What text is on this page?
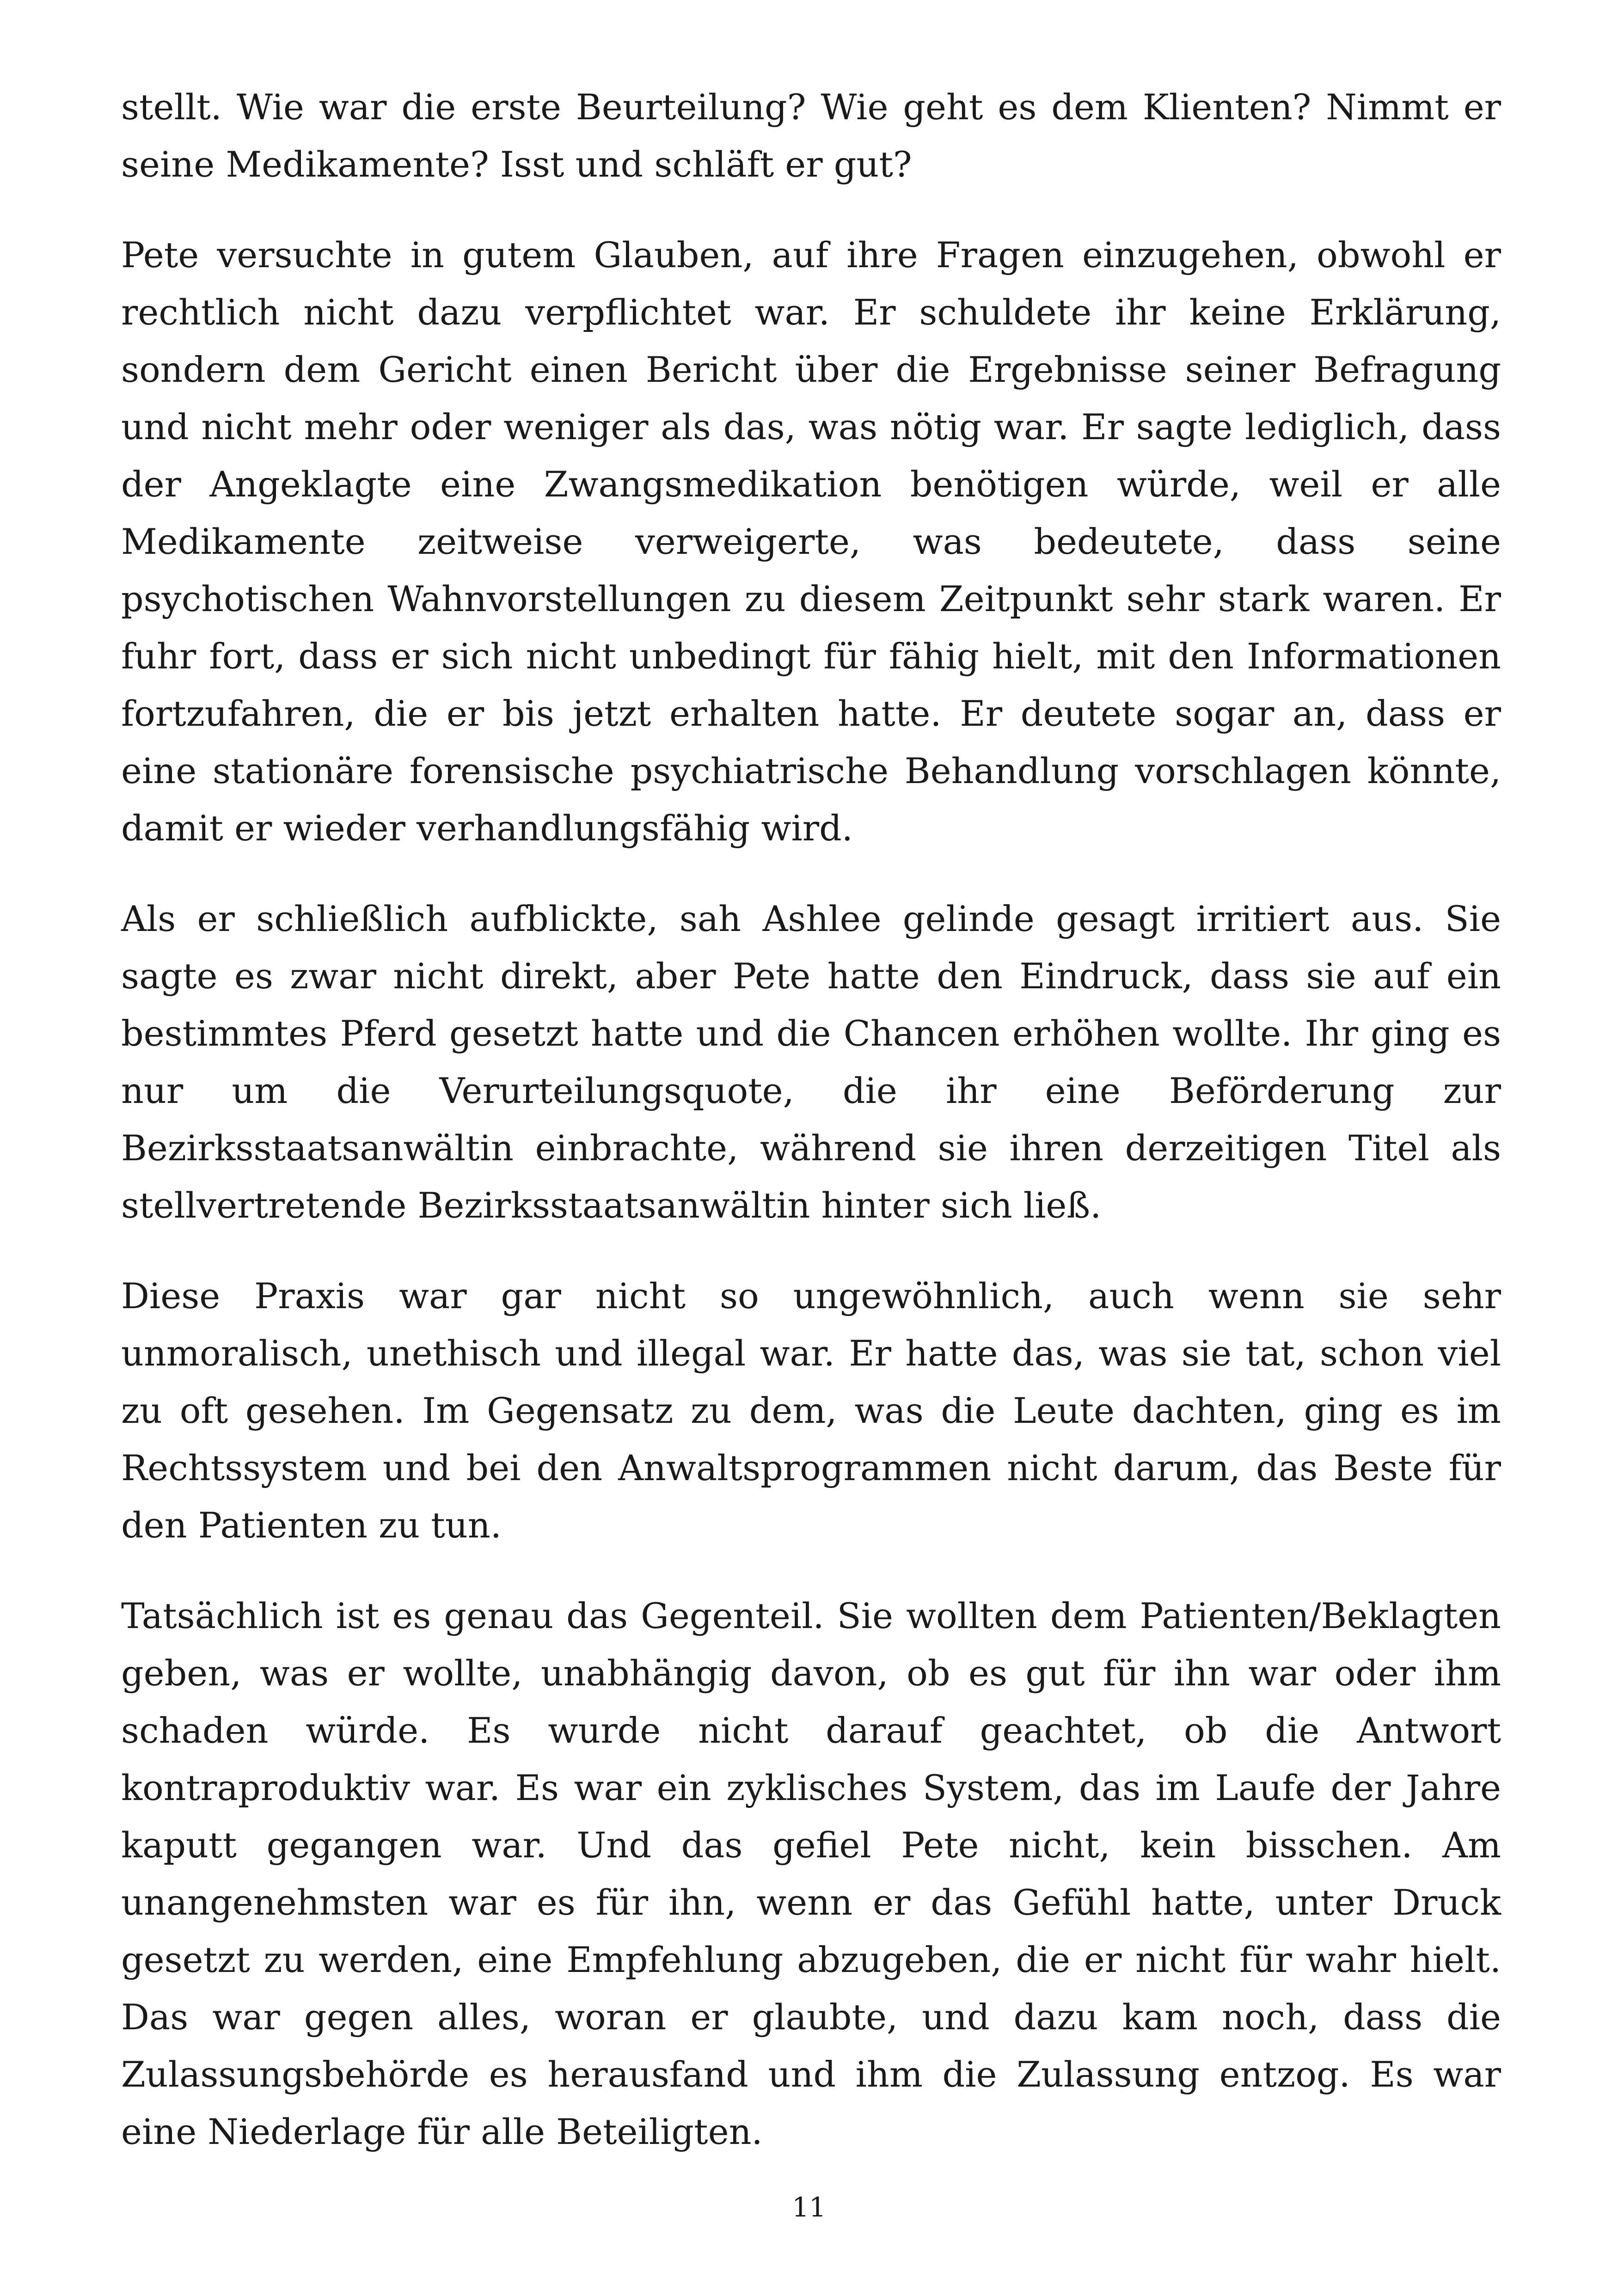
stellt. Wie war die erste Beurteilung? Wie geht es dem Klienten? Nimmt er seine Medikamente? Isst und schläft er gut?

Pete versuchte in gutem Glauben, auf ihre Fragen einzugehen, obwohl er rechtlich nicht dazu verpflichtet war. Er schuldete ihr keine Erklärung, sondern dem Gericht einen Bericht über die Ergebnisse seiner Befragung und nicht mehr oder weniger als das, was nötig war. Er sagte lediglich, dass der Angeklagte eine Zwangsmedikation benötigen würde, weil er alle Medikamente zeitweise verweigerte, was bedeutete, dass seine psychotischen Wahnvorstellungen zu diesem Zeitpunkt sehr stark waren. Er fuhr fort, dass er sich nicht unbedingt für fähig hielt, mit den Informationen fortzufahren, die er bis jetzt erhalten hatte. Er deutete sogar an, dass er eine stationäre forensische psychiatrische Behandlung vorschlagen könnte, damit er wieder verhandlungsfähig wird.

Als er schließlich aufblickte, sah Ashlee gelinde gesagt irritiert aus. Sie sagte es zwar nicht direkt, aber Pete hatte den Eindruck, dass sie auf ein bestimmtes Pferd gesetzt hatte und die Chancen erhöhen wollte. Ihr ging es nur um die Verurteilungsquote, die ihr eine Beförderung zur Bezirksstaatsanwältin einbrachte, während sie ihren derzeitigen Titel als stellvertretende Bezirksstaatsanwältin hinter sich ließ.

Diese Praxis war gar nicht so ungewöhnlich, auch wenn sie sehr unmoralisch, unethisch und illegal war. Er hatte das, was sie tat, schon viel zu oft gesehen. Im Gegensatz zu dem, was die Leute dachten, ging es im Rechtssystem und bei den Anwaltsprogrammen nicht darum, das Beste für den Patienten zu tun.

Tatsächlich ist es genau das Gegenteil. Sie wollten dem Patienten/Beklagten geben, was er wollte, unabhängig davon, ob es gut für ihn war oder ihm schaden würde. Es wurde nicht darauf geachtet, ob die Antwort kontraproduktiv war. Es war ein zyklisches System, das im Laufe der Jahre kaputt gegangen war. Und das gefiel Pete nicht, kein bisschen. Am unangenehmsten war es für ihn, wenn er das Gefühl hatte, unter Druck gesetzt zu werden, eine Empfehlung abzugeben, die er nicht für wahr hielt. Das war gegen alles, woran er glaubte, und dazu kam noch, dass die Zulassungsbehörde es herausfand und ihm die Zulassung entzog. Es war eine Niederlage für alle Beteiligten.

11
